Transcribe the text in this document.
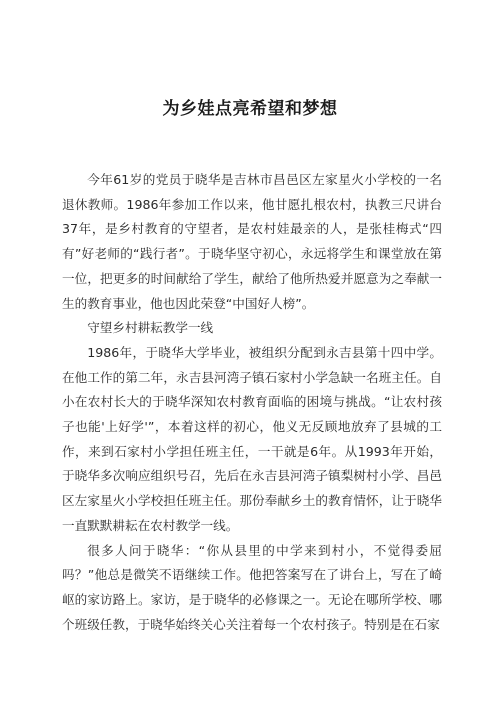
为乡娃点亮希望和梦想

今年61岁的党员于晓华是吉林市昌邑区左家星火小学校的一名退休教师。1986年参加工作以来，他甘愿扎根农村，执教三尺讲台37年，是乡村教育的守望者，是农村娃最亲的人，是张桂梅式“四有”好老师的“践行者”。于晓华坚守初心，永远将学生和课堂放在第一位，把更多的时间献给了学生，献给了他所热爱并愿意为之奉献一生的教育事业，他也因此荣登“中国好人榜”。

守望乡村耕耘教学一线

1986年，于晓华大学毕业，被组织分配到永吉县第十四中学。在他工作的第二年，永吉县河湾子镇石家村小学急缺一名班主任。自小在农村长大的于晓华深知农村教育面临的困境与挑战。“让农村孩子也能'上好学'”，本着这样的初心，他义无反顾地放弃了县城的工作，来到石家村小学担任班主任，一干就是6年。从1993年开始，于晓华多次响应组织号召，先后在永吉县河湾子镇梨树村小学、昌邑区左家星火小学校担任班主任。那份奉献乡土的教育情怀，让于晓华一直默默耕耘在农村教学一线。

很多人问于晓华：“你从县里的中学来到村小，不觉得委屈吗？”他总是微笑不语继续工作。他把答案写在了讲台上，写在了崎岖的家访路上。家访，是于晓华的必修课之一。无论在哪所学校、哪个班级任教，于晓华始终关心关注着每一个农村孩子。特别是在石家
